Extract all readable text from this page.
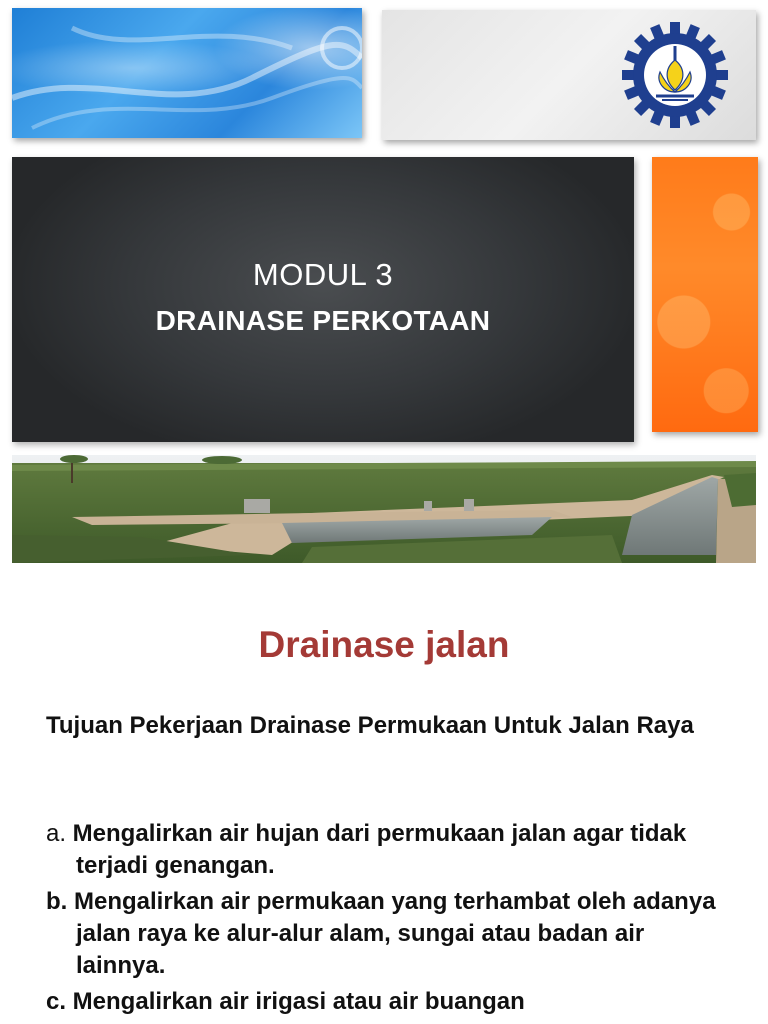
MODUL 3
DRAINASE PERKOTAAN
Drainase jalan

Tujuan Pekerjaan Drainase Permukaan Untuk Jalan Raya

a. Mengalirkan air hujan dari permukaan jalan agar tidak terjadi genangan.

b. Mengalirkan air permukaan yang terhambat oleh adanya jalan raya ke alur-alur alam, sungai atau badan air lainnya.

c. Mengalirkan air irigasi atau air buangan
